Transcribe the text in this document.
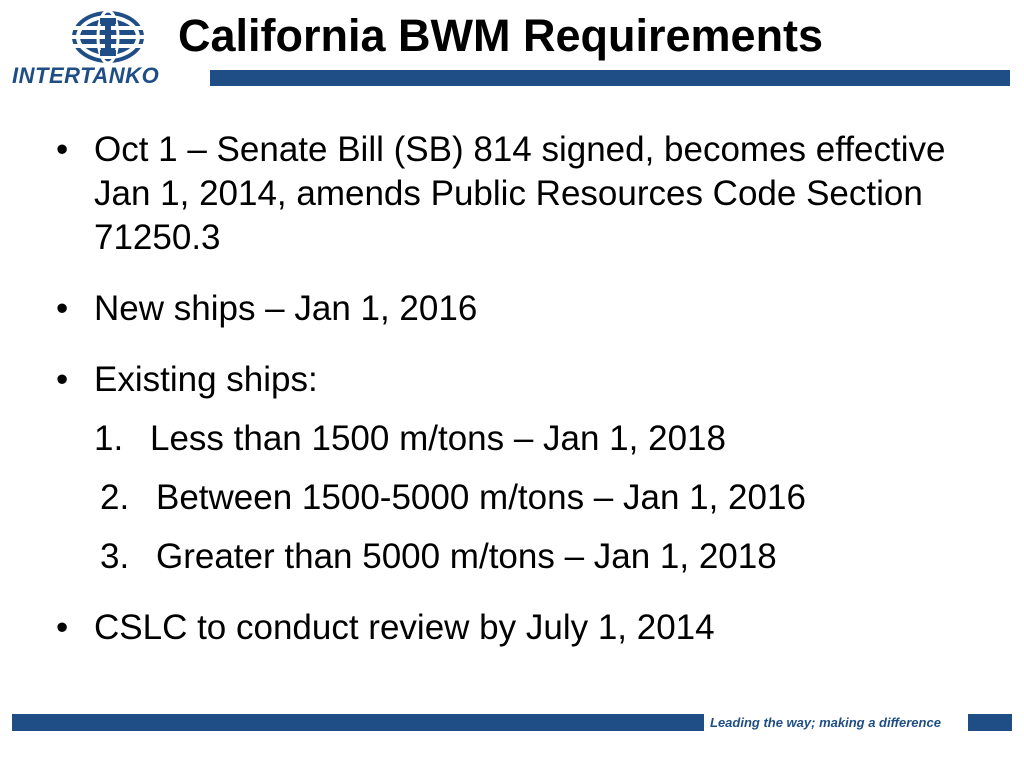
INTERTANKO
California BWM Requirements
• Oct 1 – Senate Bill (SB) 814 signed, becomes effective Jan 1, 2014, amends Public Resources Code Section 71250.3
• New ships – Jan 1, 2016
• Existing ships:
1. Less than 1500 m/tons – Jan 1, 2018
2. Between 1500-5000 m/tons – Jan 1, 2016
3. Greater than 5000 m/tons – Jan 1, 2018
• CSLC to conduct review by July 1, 2014
Leading the way; making a difference
